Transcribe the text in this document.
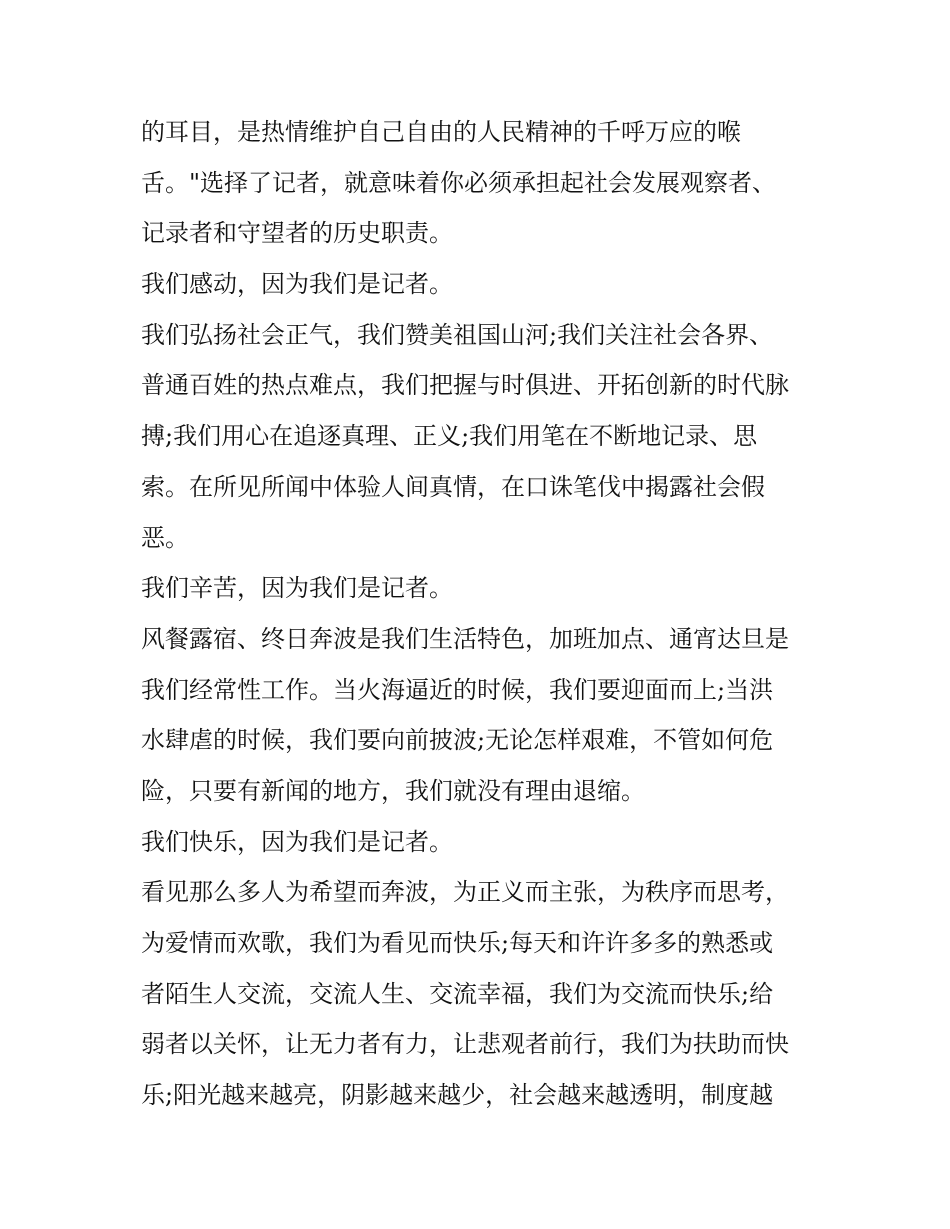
的耳目，是热情维护自己自由的人民精神的千呼万应的喉
舌。"选择了记者，就意味着你必须承担起社会发展观察者、
记录者和守望者的历史职责。
我们感动，因为我们是记者。
我们弘扬社会正气，我们赞美祖国山河;我们关注社会各界、
普通百姓的热点难点，我们把握与时俱进、开拓创新的时代脉
搏;我们用心在追逐真理、正义;我们用笔在不断地记录、思
索。在所见所闻中体验人间真情，在口诛笔伐中揭露社会假
恶。
我们辛苦，因为我们是记者。
风餐露宿、终日奔波是我们生活特色，加班加点、通宵达旦是
我们经常性工作。当火海逼近的时候，我们要迎面而上;当洪
水肆虐的时候，我们要向前披波;无论怎样艰难，不管如何危
险，只要有新闻的地方，我们就没有理由退缩。
我们快乐，因为我们是记者。
看见那么多人为希望而奔波，为正义而主张，为秩序而思考，
为爱情而欢歌，我们为看见而快乐;每天和许许多多的熟悉或
者陌生人交流，交流人生、交流幸福，我们为交流而快乐;给
弱者以关怀，让无力者有力，让悲观者前行，我们为扶助而快
乐;阳光越来越亮，阴影越来越少，社会越来越透明，制度越
